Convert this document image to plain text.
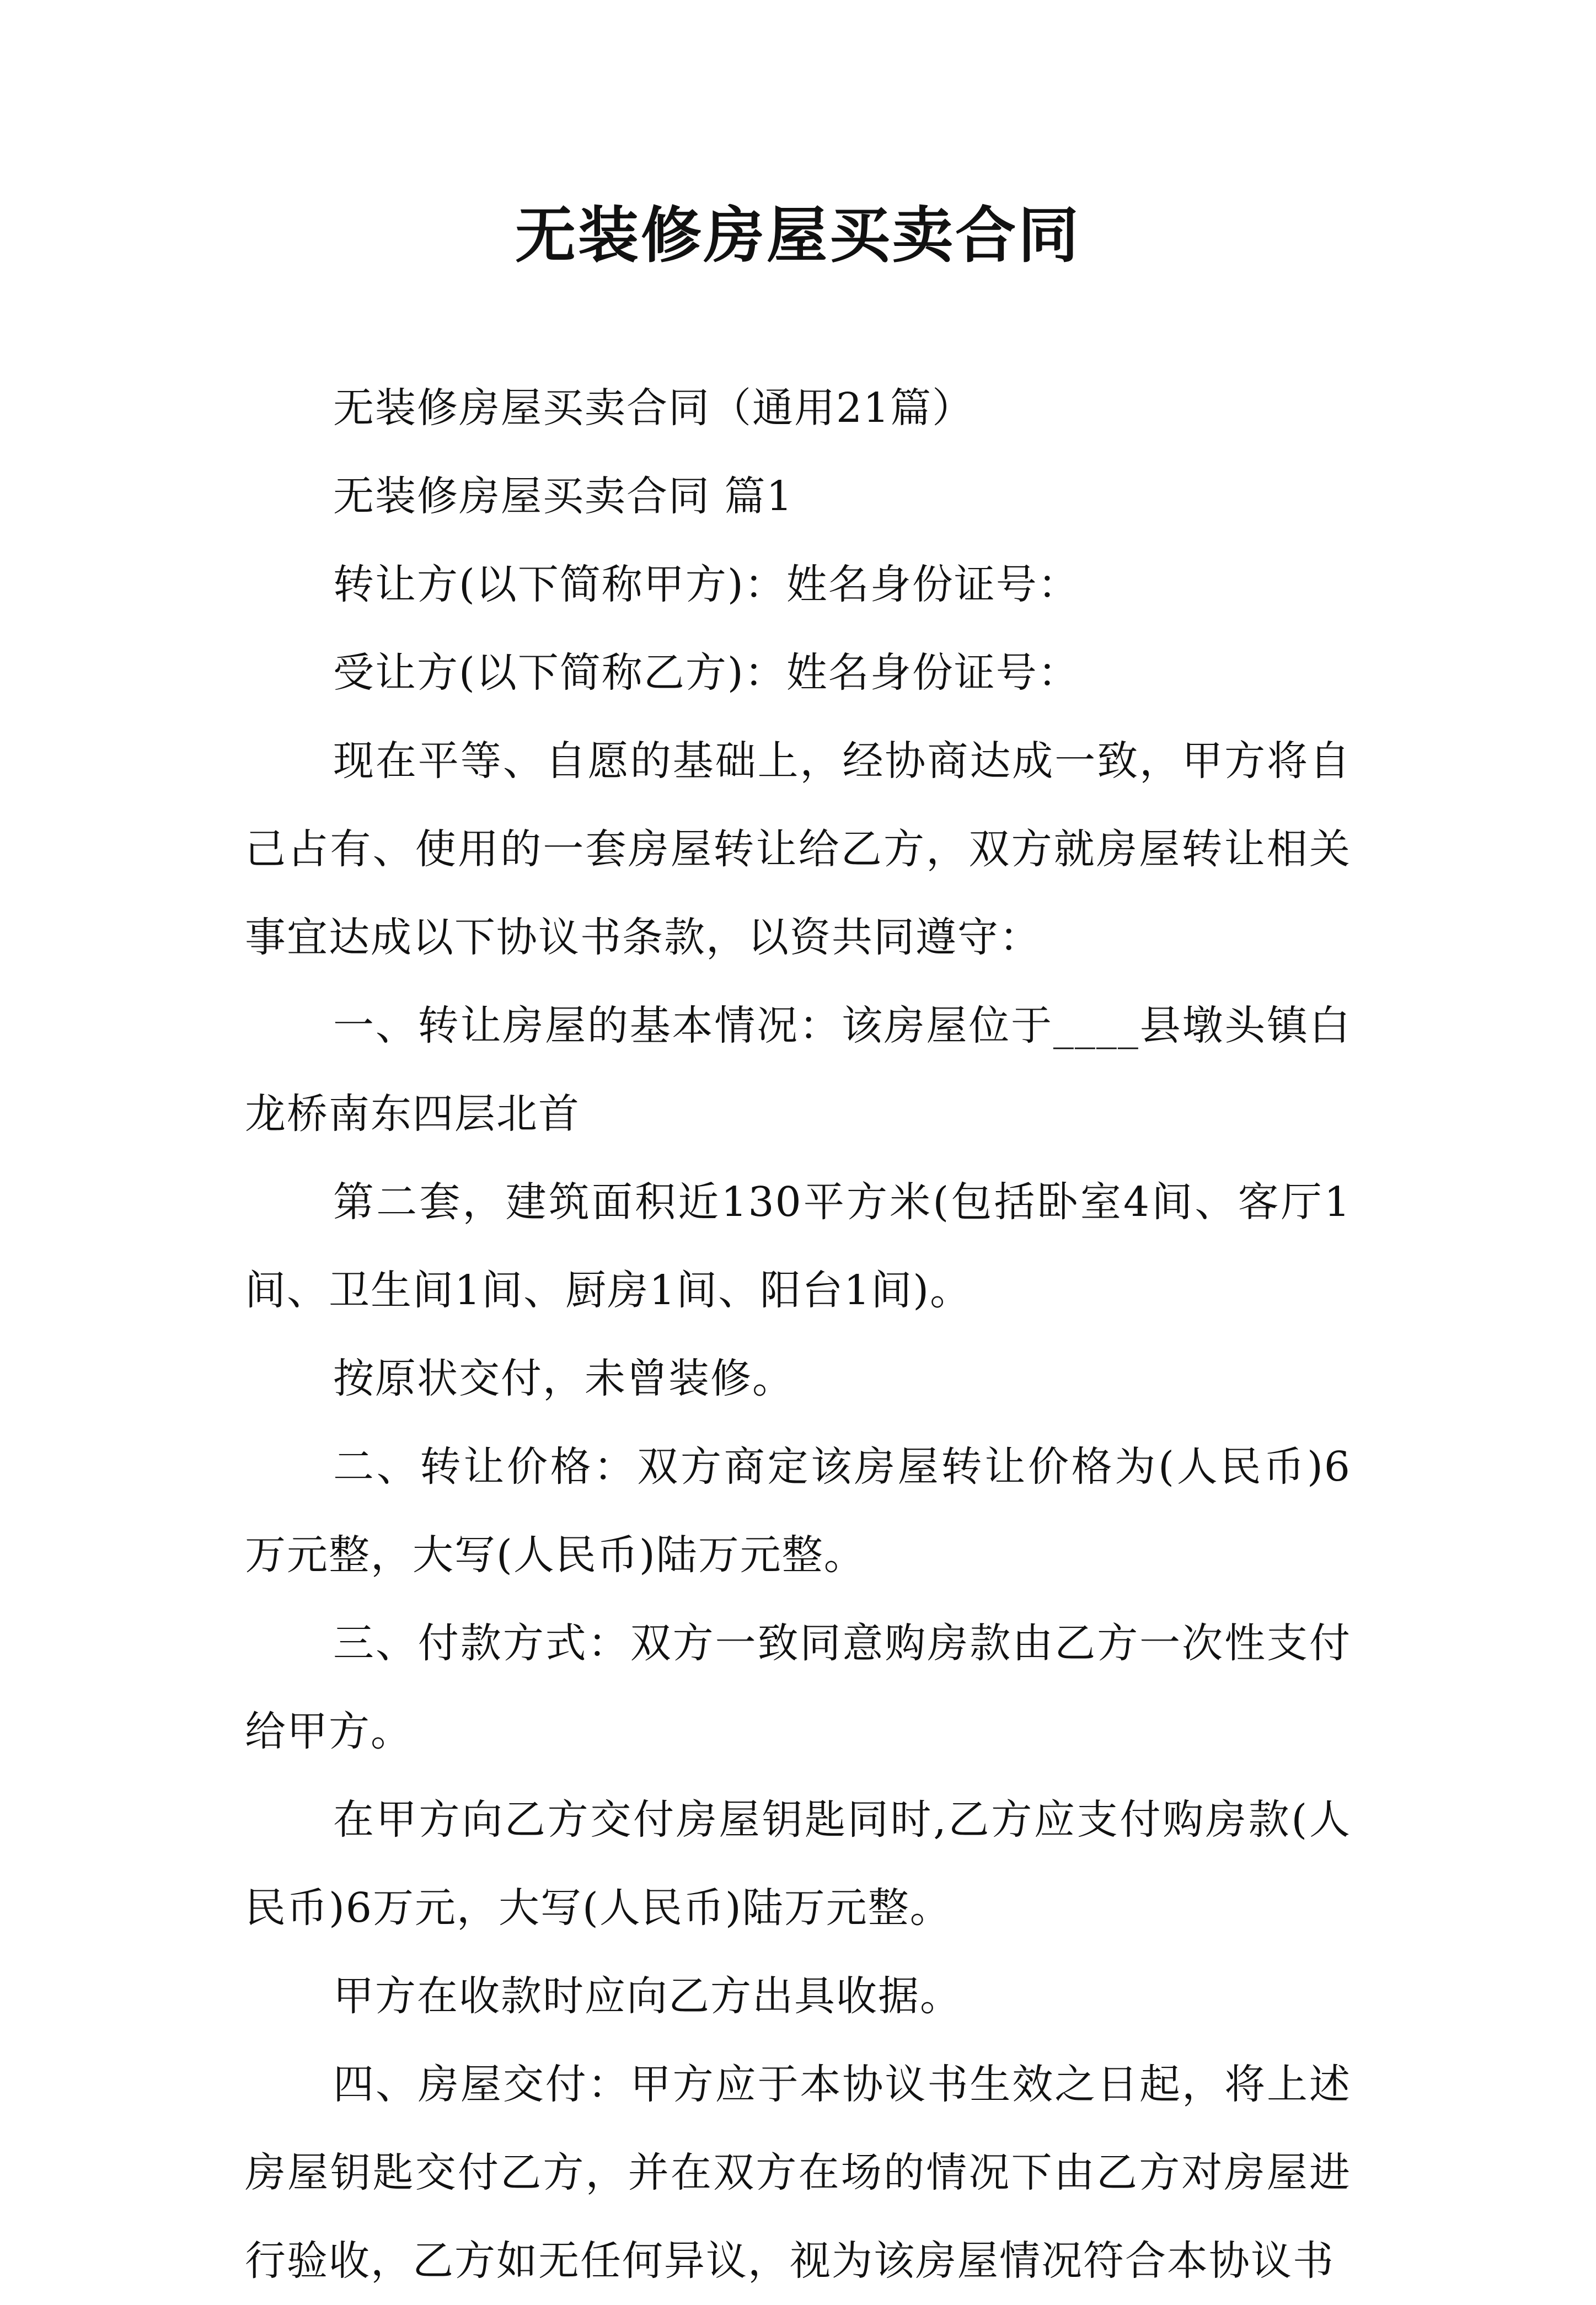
无装修房屋买卖合同

无装修房屋买卖合同（通用21篇）

无装修房屋买卖合同 篇1

转让方(以下简称甲方)：姓名身份证号：

受让方(以下简称乙方)：姓名身份证号：

现在平等、自愿的基础上，经协商达成一致，甲方将自己占有、使用的一套房屋转让给乙方，双方就房屋转让相关事宜达成以下协议书条款，以资共同遵守：

一、转让房屋的基本情况：该房屋位于____县墩头镇白龙桥南东四层北首

第二套，建筑面积近130平方米(包括卧室4间、客厅1间、卫生间1间、厨房1间、阳台1间)。

按原状交付，未曾装修。

二、转让价格：双方商定该房屋转让价格为(人民币)6万元整，大写(人民币)陆万元整。

三、付款方式：双方一致同意购房款由乙方一次性支付给甲方。

在甲方向乙方交付房屋钥匙同时,乙方应支付购房款(人民币)6万元，大写(人民币)陆万元整。

甲方在收款时应向乙方出具收据。

四、房屋交付：甲方应于本协议书生效之日起，将上述房屋钥匙交付乙方，并在双方在场的情况下由乙方对房屋进行验收，乙方如无任何异议，视为该房屋情况符合本协议书
